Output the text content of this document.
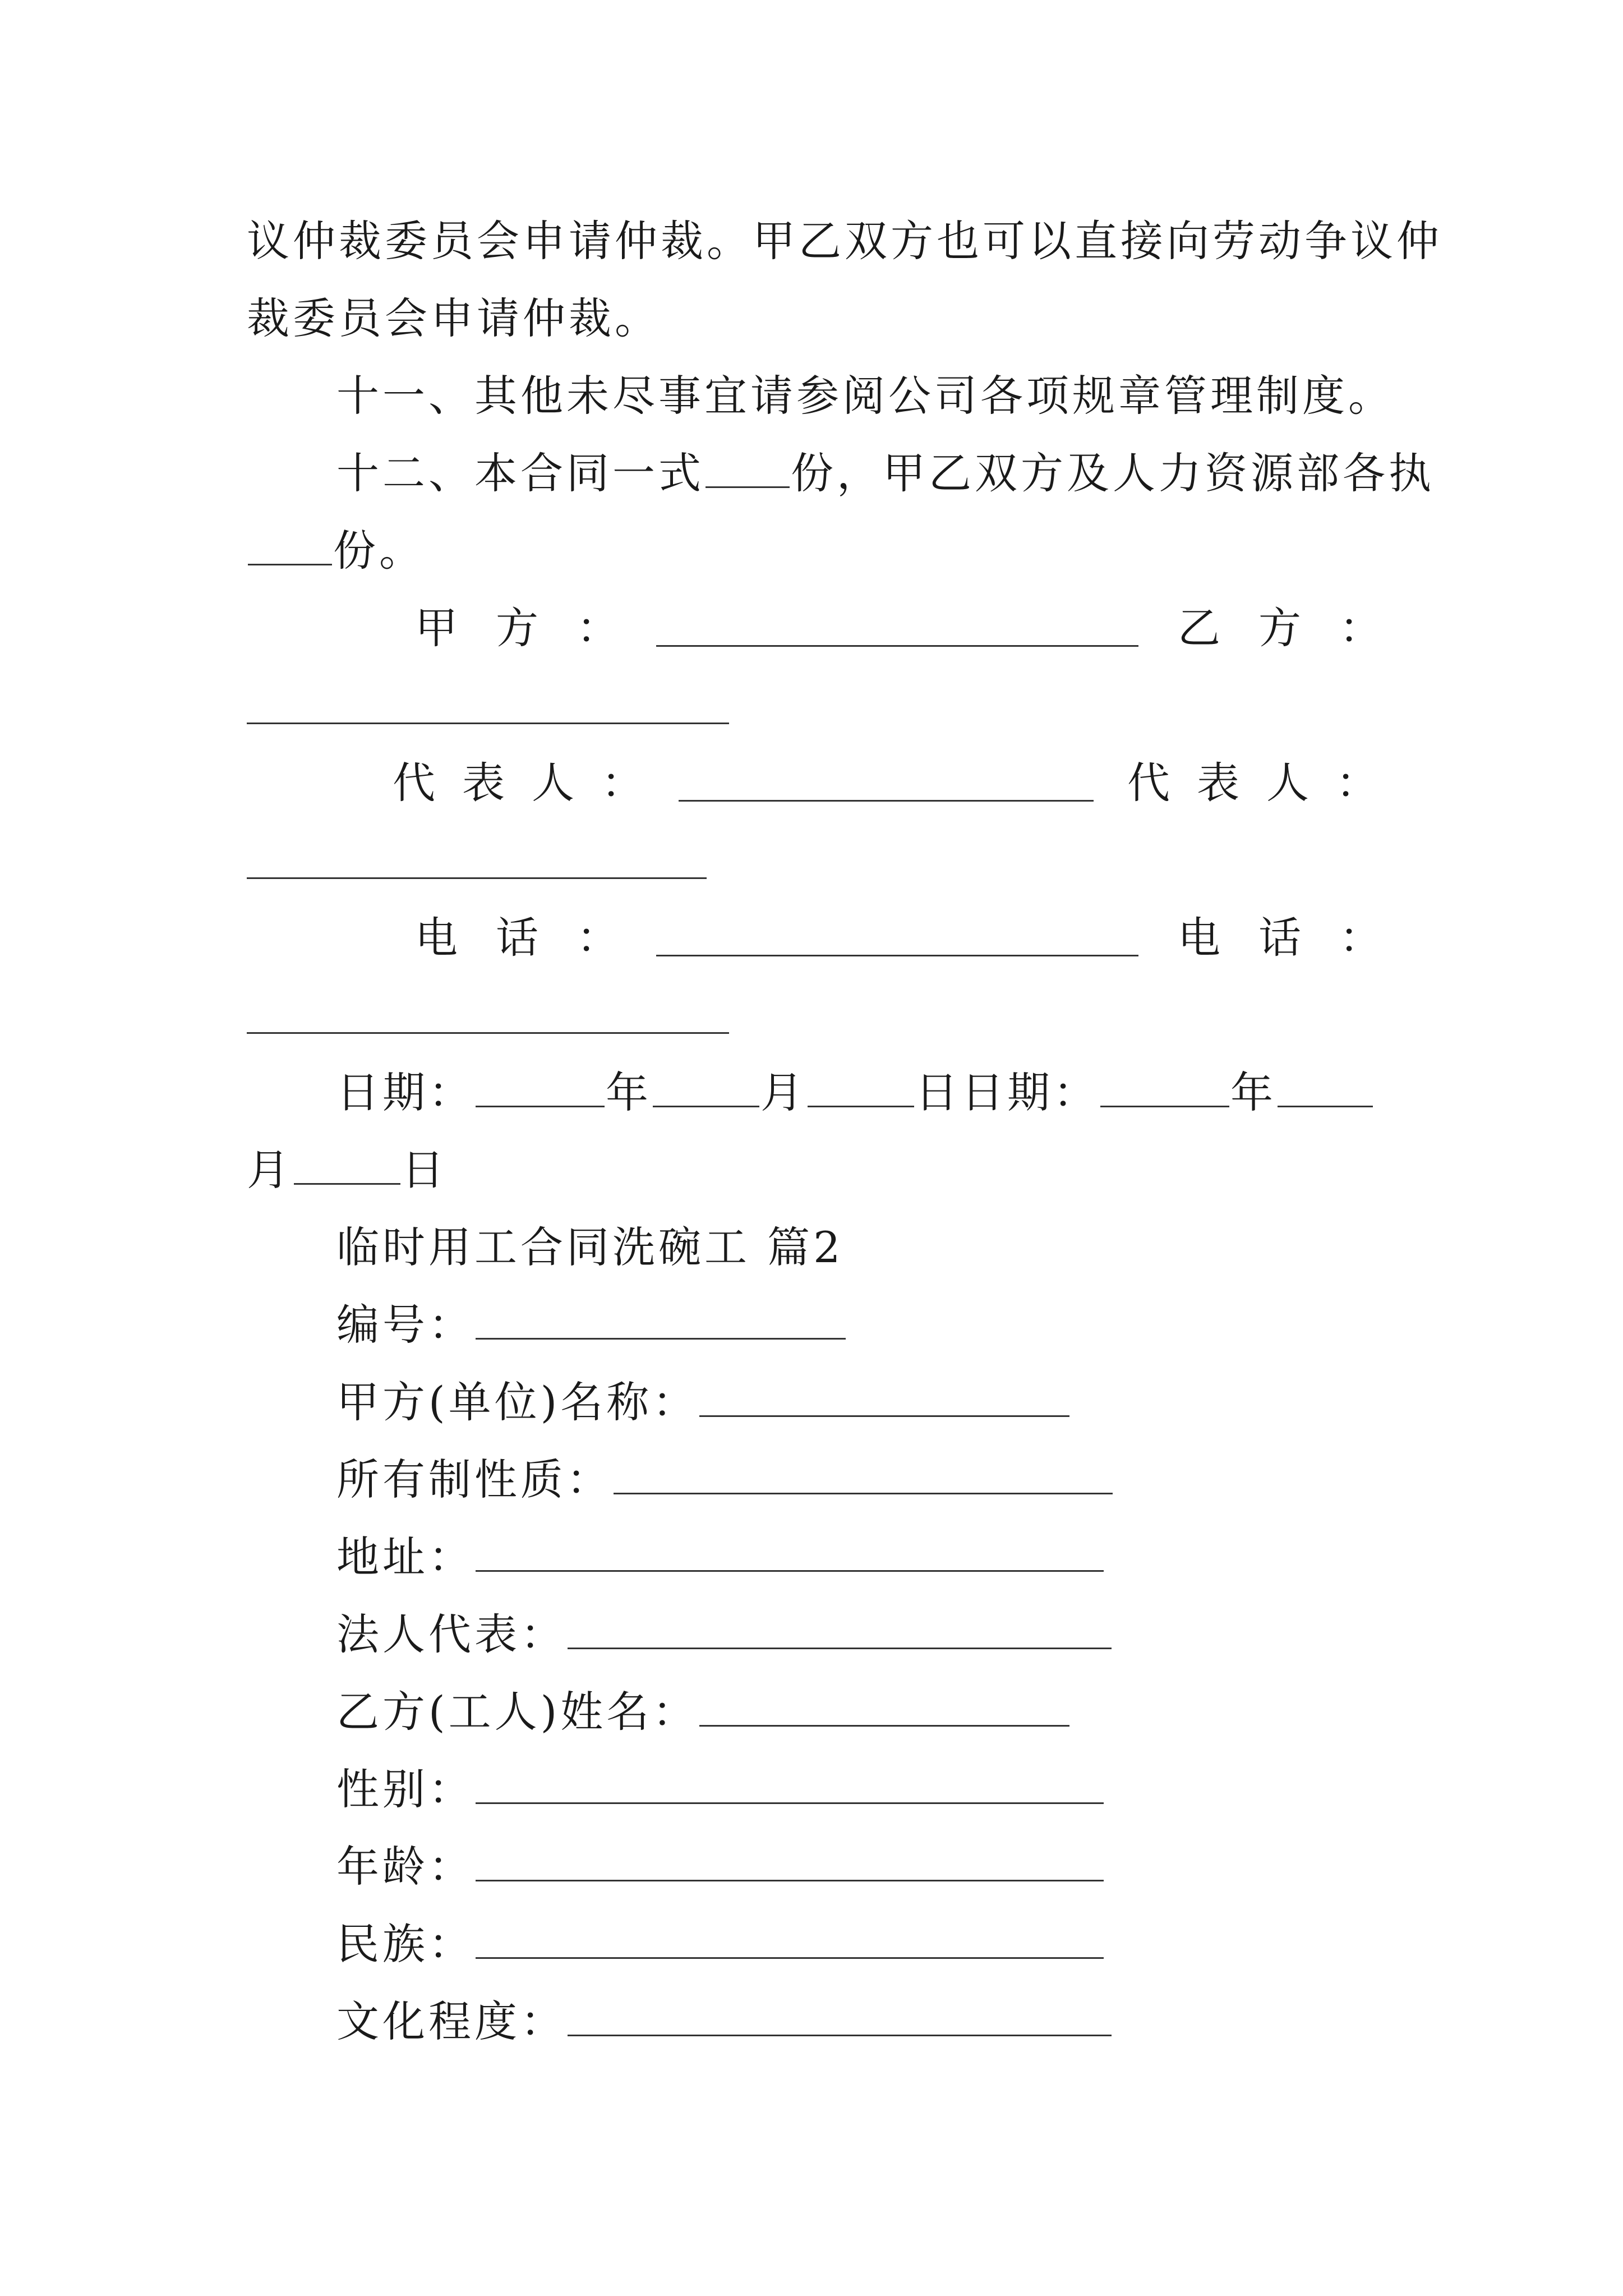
议仲裁委员会申请仲裁。甲乙双方也可以直接向劳动争议仲
裁委员会申请仲裁。
十一、其他未尽事宜请参阅公司各项规章管理制度。
十二、本合同一式 份，甲乙双方及人力资源部各执
份。
甲方：	乙方：
代表人：	代表人：
电话：	电话：
日期：	年	月	日日期：	年
月	日
临时用工合同洗碗工 篇2
编号：
甲方(单位)名称：
所有制性质：
地址：
法人代表：
乙方(工人)姓名：
性别：
年龄：
民族：
文化程度：
